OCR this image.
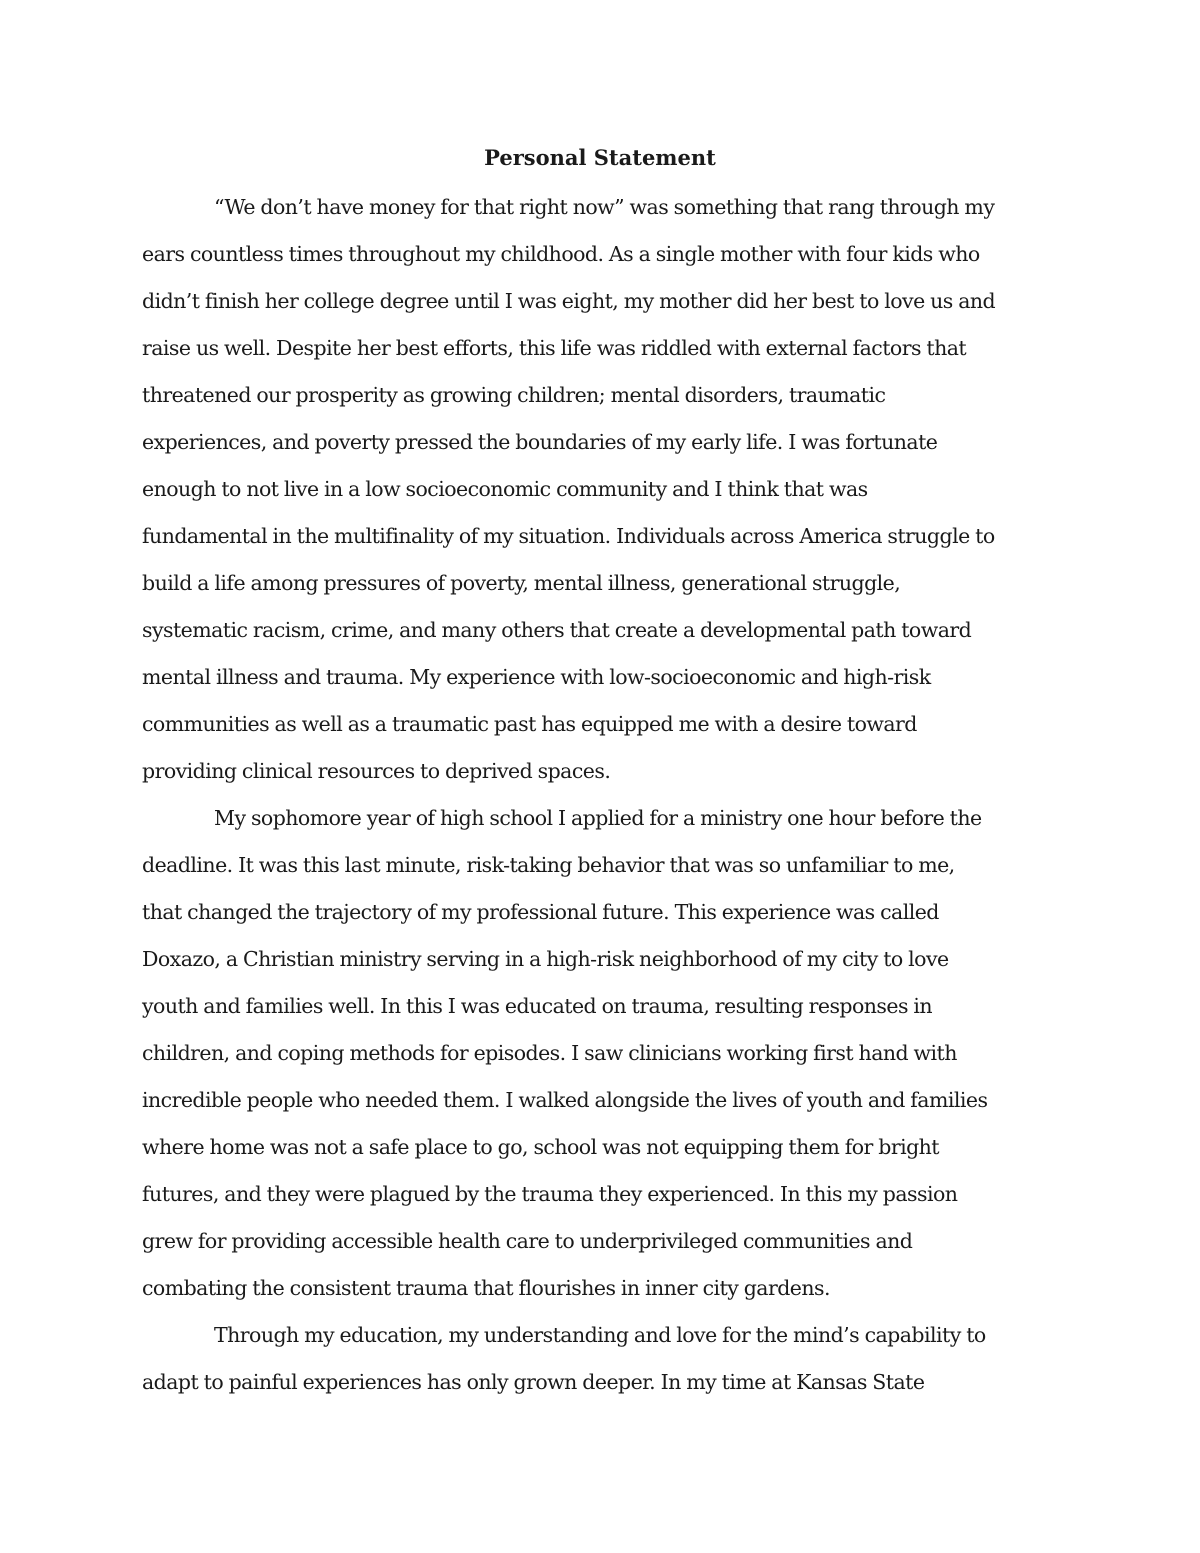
Personal Statement
“We don’t have money for that right now” was something that rang through my
ears countless times throughout my childhood. As a single mother with four kids who
didn’t finish her college degree until I was eight, my mother did her best to love us and
raise us well. Despite her best efforts, this life was riddled with external factors that
threatened our prosperity as growing children; mental disorders, traumatic
experiences, and poverty pressed the boundaries of my early life. I was fortunate
enough to not live in a low socioeconomic community and I think that was
fundamental in the multifinality of my situation. Individuals across America struggle to
build a life among pressures of poverty, mental illness, generational struggle,
systematic racism, crime, and many others that create a developmental path toward
mental illness and trauma. My experience with low-socioeconomic and high-risk
communities as well as a traumatic past has equipped me with a desire toward
providing clinical resources to deprived spaces.
My sophomore year of high school I applied for a ministry one hour before the
deadline. It was this last minute, risk-taking behavior that was so unfamiliar to me,
that changed the trajectory of my professional future. This experience was called
Doxazo, a Christian ministry serving in a high-risk neighborhood of my city to love
youth and families well. In this I was educated on trauma, resulting responses in
children, and coping methods for episodes. I saw clinicians working first hand with
incredible people who needed them. I walked alongside the lives of youth and families
where home was not a safe place to go, school was not equipping them for bright
futures, and they were plagued by the trauma they experienced. In this my passion
grew for providing accessible health care to underprivileged communities and
combating the consistent trauma that flourishes in inner city gardens.
Through my education, my understanding and love for the mind’s capability to
adapt to painful experiences has only grown deeper. In my time at Kansas State
